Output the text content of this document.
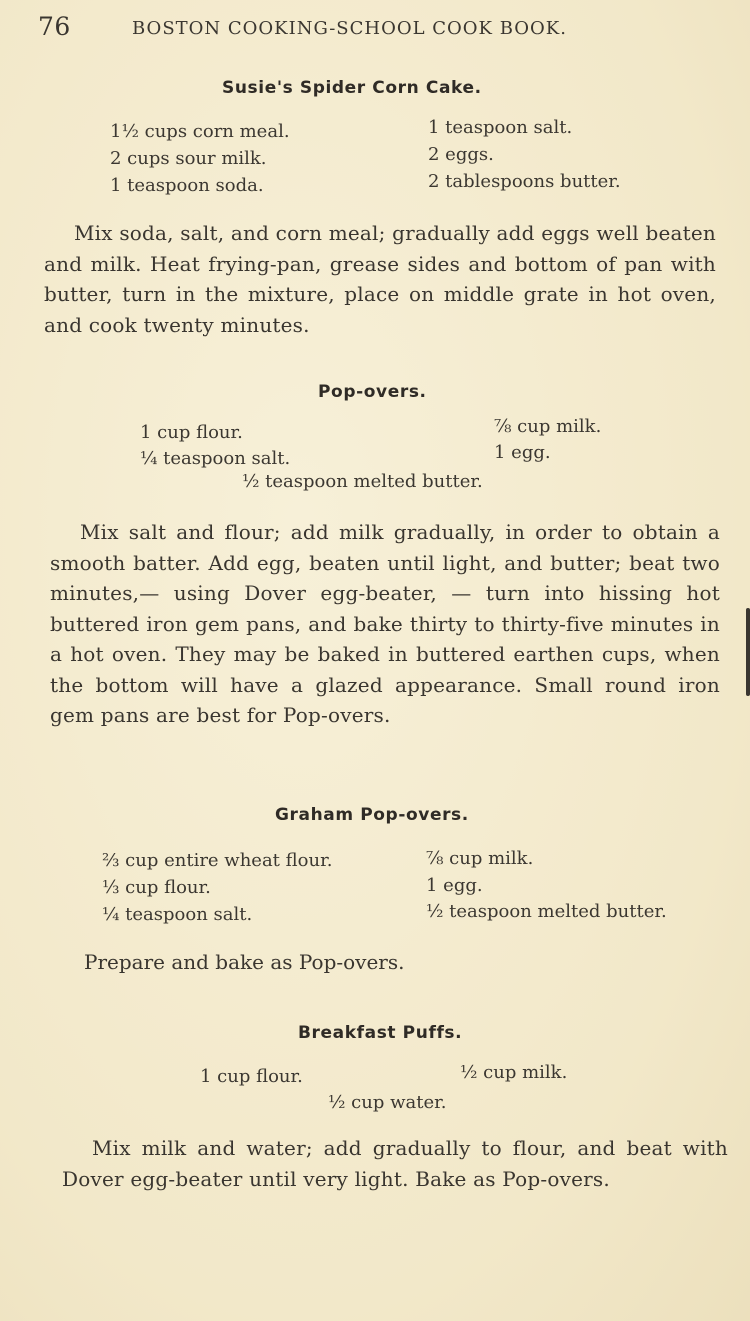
76	BOSTON COOKING-SCHOOL COOK BOOK.
Susie's Spider Corn Cake.
1½ cups corn meal.
2 cups sour milk.
1 teaspoon soda.
1 teaspoon salt.
2 eggs.
2 tablespoons butter.
Mix soda, salt, and corn meal; gradually add eggs well beaten and milk. Heat frying-pan, grease sides and bottom of pan with butter, turn in the mixture, place on middle grate in hot oven, and cook twenty minutes.
Pop-overs.
1 cup flour.
¼ teaspoon salt.
⅞ cup milk.
1 egg.
½ teaspoon melted butter.
Mix salt and flour; add milk gradually, in order to obtain a smooth batter. Add egg, beaten until light, and butter; beat two minutes,— using Dover egg-beater, — turn into hissing hot buttered iron gem pans, and bake thirty to thirty-five minutes in a hot oven. They may be baked in buttered earthen cups, when the bottom will have a glazed appearance. Small round iron gem pans are best for Pop-overs.
Graham Pop-overs.
⅔ cup entire wheat flour.
⅓ cup flour.
¼ teaspoon salt.
⅞ cup milk.
1 egg.
½ teaspoon melted butter.
Prepare and bake as Pop-overs.
Breakfast Puffs.
1 cup flour.	½ cup milk.
½ cup water.
Mix milk and water; add gradually to flour, and beat with Dover egg-beater until very light. Bake as Pop-overs.
